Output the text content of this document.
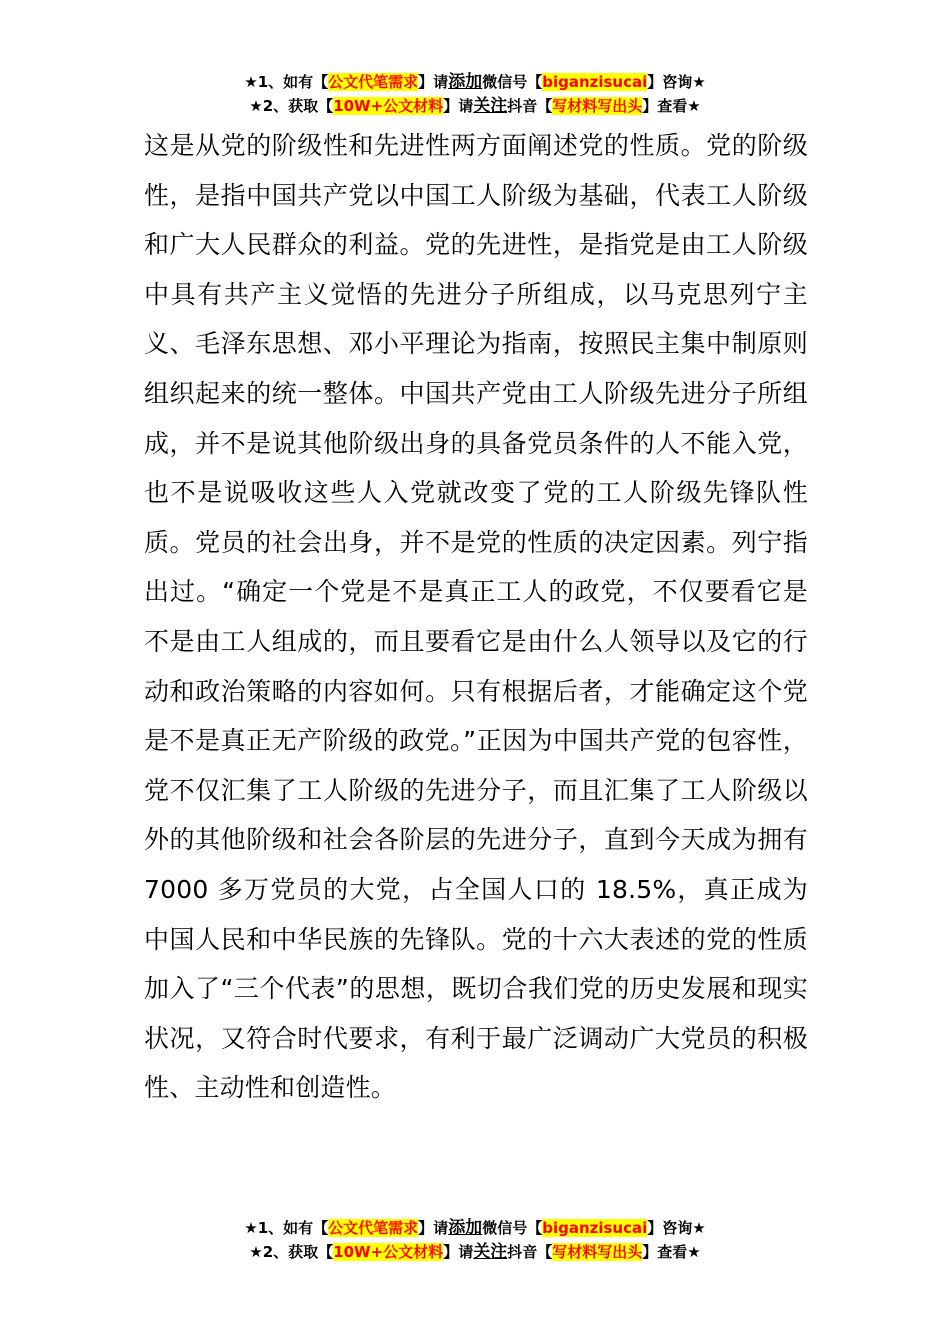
★1、如有【公文代笔需求】请添加微信号【biganzisucai】咨询★
★2、获取【10W+公文材料】请关注抖音【写材料写出头】查看★

这是从党的阶级性和先进性两方面阐述党的性质。党的阶级性，是指中国共产党以中国工人阶级为基础，代表工人阶级和广大人民群众的利益。党的先进性，是指党是由工人阶级中具有共产主义觉悟的先进分子所组成，以马克思列宁主义、毛泽东思想、邓小平理论为指南，按照民主集中制原则组织起来的统一整体。中国共产党由工人阶级先进分子所组成，并不是说其他阶级出身的具备党员条件的人不能入党，也不是说吸收这些人入党就改变了党的工人阶级先锋队性质。党员的社会出身，并不是党的性质的决定因素。列宁指出过。“确定一个党是不是真正工人的政党，不仅要看它是不是由工人组成的，而且要看它是由什么人领导以及它的行动和政治策略的内容如何。只有根据后者，才能确定这个党是不是真正无产阶级的政党。”正因为中国共产党的包容性，党不仅汇集了工人阶级的先进分子，而且汇集了工人阶级以外的其他阶级和社会各阶层的先进分子，直到今天成为拥有 7000 多万党员的大党，占全国人口的 18.5%，真正成为中国人民和中华民族的先锋队。党的十六大表述的党的性质加入了“三个代表”的思想，既切合我们党的历史发展和现实状况，又符合时代要求，有利于最广泛调动广大党员的积极性、主动性和创造性。

★1、如有【公文代笔需求】请添加微信号【biganzisucai】咨询★
★2、获取【10W+公文材料】请关注抖音【写材料写出头】查看★
